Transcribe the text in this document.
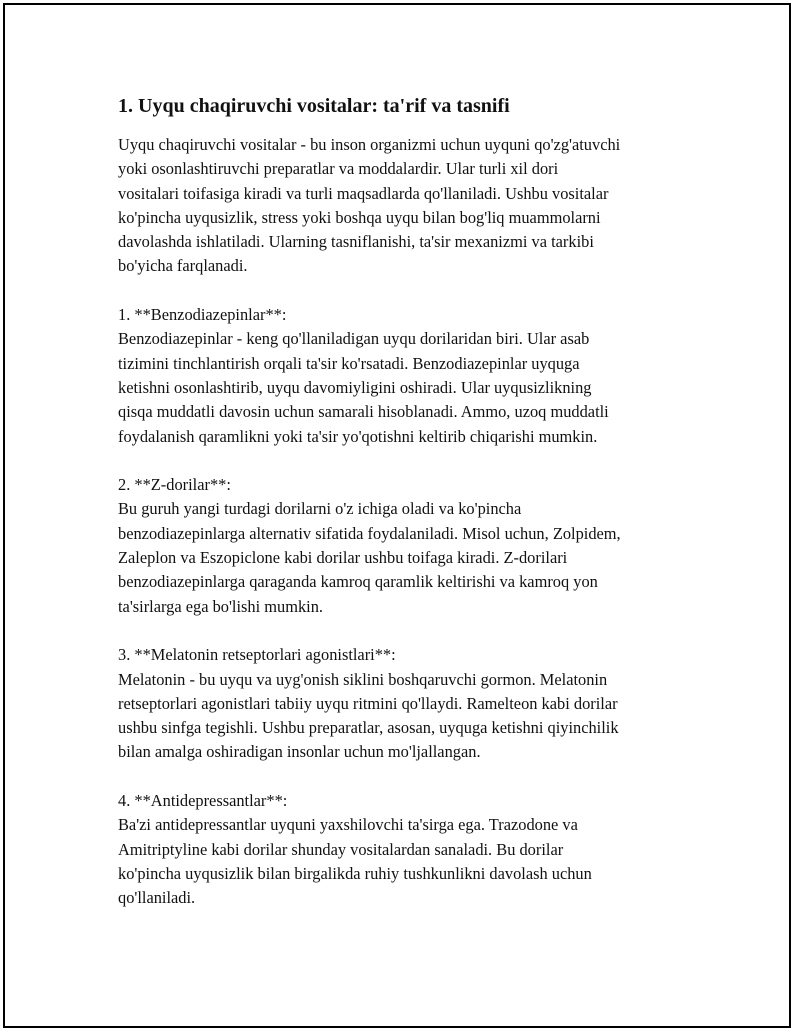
1. Uyqu chaqiruvchi vositalar: ta'rif va tasnifi

Uyqu chaqiruvchi vositalar - bu inson organizmi uchun uyquni qo'zg'atuvchi
yoki osonlashtiruvchi preparatlar va moddalardir. Ular turli xil dori
vositalari toifasiga kiradi va turli maqsadlarda qo'llaniladi. Ushbu vositalar
ko'pincha uyqusizlik, stress yoki boshqa uyqu bilan bog'liq muammolarni
davolashda ishlatiladi. Ularning tasniflanishi, ta'sir mexanizmi va tarkibi
bo'yicha farqlanadi.

1. **Benzodiazepinlar**:

Benzodiazepinlar - keng qo'llaniladigan uyqu dorilaridan biri. Ular asab
tizimini tinchlantirish orqali ta'sir ko'rsatadi. Benzodiazepinlar uyquga
ketishni osonlashtirib, uyqu davomiyligini oshiradi. Ular uyqusizlikning
qisqa muddatli davosin uchun samarali hisoblanadi. Ammo, uzoq muddatli
foydalanish qaramlikni yoki ta'sir yo'qotishni keltirib chiqarishi mumkin.

2. **Z-dorilar**:

Bu guruh yangi turdagi dorilarni o'z ichiga oladi va ko'pincha
benzodiazepinlarga alternativ sifatida foydalaniladi. Misol uchun, Zolpidem,
Zaleplon va Eszopiclone kabi dorilar ushbu toifaga kiradi. Z-dorilari
benzodiazepinlarga qaraganda kamroq qaramlik keltirishi va kamroq yon
ta'sirlarga ega bo'lishi mumkin.

3. **Melatonin retseptorlari agonistlari**:

Melatonin - bu uyqu va uyg'onish siklini boshqaruvchi gormon. Melatonin
retseptorlari agonistlari tabiiy uyqu ritmini qo'llaydi. Ramelteon kabi dorilar
ushbu sinfga tegishli. Ushbu preparatlar, asosan, uyquga ketishni qiyinchilik
bilan amalga oshiradigan insonlar uchun mo'ljallangan.

4. **Antidepressantlar**:

Ba'zi antidepressantlar uyquni yaxshilovchi ta'sirga ega. Trazodone va
Amitriptyline kabi dorilar shunday vositalardan sanaladi. Bu dorilar
ko'pincha uyqusizlik bilan birgalikda ruhiy tushkunlikni davolash uchun
qo'llaniladi.
